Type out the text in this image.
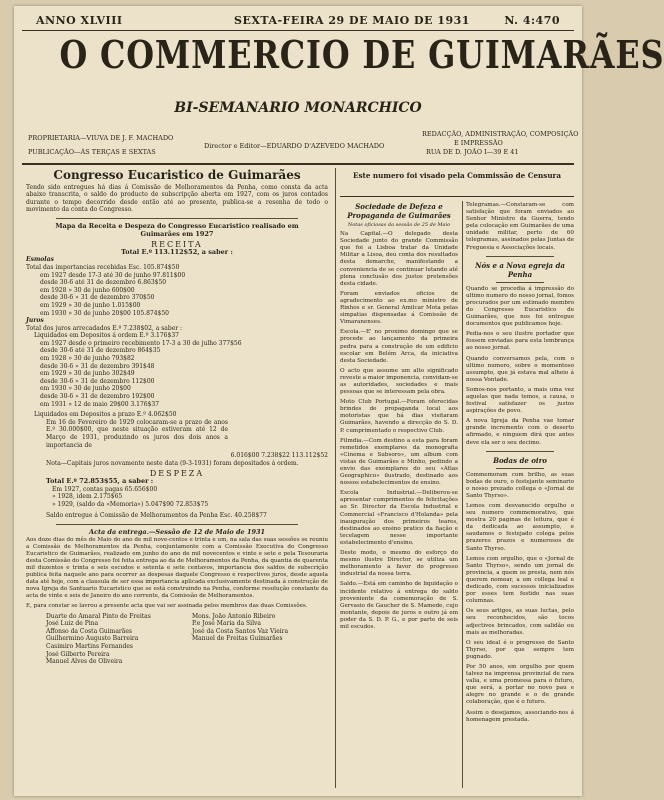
ANNO XLVIII	SEXTA-FEIRA 29 DE MAIO DE 1931	N. 4:470
O COMMERCIO DE GUIMARÃES
BI-SEMANARIO MONARCHICO
PROPRIETARIA—VIUVA DE J. F. MACHADO
PUBLICAÇÃO—ÁS TERÇAS E SEXTAS
Director e Editor—EDUARDO D'AZEVEDO MACHADO
REDACÇÃO, ADMINISTRAÇÃO, COMPOSIÇÃO
E IMPRESSÃO
RUA DE D. JOÃO I—39 E 41
Congresso Eucaristico de Guimarães

Tendo sido entregues há dias á Comissão de Melhoramentos da Penha, como consta da acta abaixo transcrita, o saldo do producto de subscripção aberta em 1927, com os juros contados durante o tempo decorrido desde então até ao presente, publica-se a resenha de todo o movimento da conta do Congresso.

Mapa da Receita e Despeza do Congresso Eucaristico realisado em Guimarães em 1927

RECEITA
Total E.º 113.112$52, a saber :
Esmolas
Total das importancias recebidas Esc. 105.874$50
em 1927 desde 17-3 até 30 de junho 97.811$00
desde 30-6 até 31 de dezembro 6.863$50
em 1928 » 30 de junho 600$00
desde 30-6 » 31 de dezembro 370$50
em 1929 » 30 de junho 1.015$00
em 1930 » 30 de junho 20$00 105.874$50
Juros
Total dos juros arrecadados E.º 7.238$02, a saber :
Liquidados em Depositos á ordem E.º 3.176$37
em 1927 desde o primeiro recebimento 17-3 a 30 de julho 377$56
desde 30-6 até 31 de dezembro 864$35
em 1928 » 30 de junho 793$82
desde 30-6 » 31 de dezembro 391$48
em 1929 » 30 de junho 302$49
desde 30-6 » 31 de dezembro 112$00
em 1930 » 30 de junho 20$00
desde 30-6 » 31 de dezembro 192$00
em 1931 » 12 de maio 29$00 3.176$37
Liquidados em Depositos a prazo E.º 4.062$50

Em 16 de Fevereiro de 1929 colocaram-se a prazo de anos E.º 30.000$00, que neste situação estiveram até 12 de Março de 1931, produzindo os juros dos dois anos a importancia de

6.016$00 7.238$22 113.112$52

Nota—Capitais juros novamente neste data (9-3-1931) foram depositados á ordem.

DESPEZA
Total E.º 72.853$55, a saber :
Em 1927, contas pagas 65.656$00
» 1928, idem 2.175$65
» 1929, (saldo da «Memoria») 5.047$90 72.853$75
Saldo entregue á Comissão de Melhoramentos da Penha Esc. 40.258$77
Acta da entrega.—Sessão de 12 de Maio de 1931

Aos doze dias do mês de Maio do ano de mil nove-centos e trinta e um, na sala das suas sessões se reuniu a Comissão de Melhoramentos da Penha, conjuntamente com a Comissão Executiva do Congresso Eucaristico de Guimarães, realizado em junho do ano de mil novecentos e vinte e sete e pela Tesouraria desta Comissão do Congresso foi feita entrega ao da de Melhoramentos da Penha, da quantia de quarenta mil duzentos e trinta e seis escudos e setenta e sete centavos, importancia dos saldos de subscrição publica feita naquele ano para ocorrer as despesas daquele Congresso e respectivos juros, desde aquela data até hoje, com a clausula de ser essa importancia aplicada exclusivamente destinada á construção de nova Igreja do Santuario Eucaristico que se está construindo na Penha, conforme resolução constante da acta de vinte e seis de Janeiro do ano corrente, da Comissão de Melhoramentos.

E, para constar se lavrou a presente acta que vai ser assinada pelos membros das duas Comissões.

Duarte do Amaral Pinto de Freitas	Mons. João Antonio Ribeiro
José Luiz de Pina	P.e José Maria da Silva
Affonso da Costa Guimarães	José da Costa Santos Vaz Vieira
Guilhermino Augusto Barreira	Manuel de Freitas Guimarães
Casimiro Martins Fernandes
José Gilberto Pereira
Manuel Alves de Oliveira
Este numero foi visado pela Commissão de Censura
Sociedade de Defeza e Propaganda de Guimarães
Notas oficiosas da sessão de 25 de Maio

Na Capital.—O delegado desta Sociedade junto do grande Commissão que foi a Lisboa tratar da Unidade Militar a Lisoa, deu conta dos resultados desta demarche, manifestando a conveniencia de se continuar lutando até plena conclusão dos justos pretensões desta cidade.

Foram enviados oficios de agradecimento ao ex.mo ministro de Rinhos e sr. General Amilcar Mota pelas simpatias dispensadas á Comissão de Vimaranenses.

Escola.—E' no proximo domingo que se procede ao lançamento da primeira pedra para a construção de um edificio escolar em Belém Arca, da iniciativa desta Sociedade.

O acto que assume um alto significado reveste a maior imponencia, convidam-se as autoridades, sociedades e mais pessoas que se interessam pela obra.

Moto Club Portugal.—Foram oferecidas brindes de propaganda local aos motoristas que há dias visitaram Guimarães, havendo a direcção do S. D. P. cumprimentado o respectivo Club.

Filmdia.—Com destino a esta para foram remetidos exemplares da monografia «Cinema e Subsoro», um album com vistas de Guimarães e Minho, pedindo a envio das exemplares do seu «Atlas Geographico» ilustrado, destinado aos nossos estabelecimentos de ensino.

Escola Industrial.—Deliberou-se apresentar cumprimentos de felicitações ao Sr. Director da Escola Industrial e Commercial «Francisco d'Holanda» pela inauguração dos primeiros teares, destinados ao ensino pratico da fiação e tecelagem nesse importante estabelecimento d'ensino.

Deste modo, o mesmo do esforço do mesmo ilustre Director, se utiliza um melhoramento a favor do progresso industrial da nossa terra.

Saldo.—Está em caminho de liquidação o incidente relativo á entrega do saldo proveniente da comemoração de S. Gervasio de Gaucher de S. Mamede, cujo montante, depois de juros e outro já em poder da S. D. P. G., e por parte de seis mil escudos.

Telegramas.—Constaram-se com satisfação que foram enviados ao Senhor Ministro da Guerra, tendo pela colocação em Guimarães de uma unidade militar, perto de 60 telegramas, assinados pelas Juntas de Freguesia e Associações locais.

Nós e a Nova egreja da Penha

Quando se procedia á impressão do ultimo numero do nosso jornal, fomos procurados por um estimado membro do Congresso Eucaristico de Guimarães, que nos foi entregue documentos que publicamos hoje.

Pedia-nos o seu ilustre portador que fossem enviadas para esta lembrança ao nosso jornal.

Quando conversamos pela, com o ultimo numero, sobre o momentoso assumpto, que já estava mal alheio á nossa Vontade.

Somos-nos portanto, a mais uma vez aquelas que nada temos, a causa, o festival satisfazer os justos aspirações de povo.

A nova Igreja da Penha vae tomar grande incremento com o deserto afirmado, e ninguem dirá que antes deve ela ser o seu decimo.

Bodas de oiro

Commemoram com brilho, as suas bodas de ouro, o festejante seminario o nosso prezado collega o «Jornal de Santo Thyrso».

Lemos com desvanecido orgulho o seu numero commemorativo, que mostra 20 paginas de leitura, que é da dedicada ao assumpto, e saudamos o festejado colega pelos prazeres prazos e numerosos de Santo Thyrso.

Lemos com orgulho, que o «Jornal de Santo Thyrso», sendo um jornal de provincia, a quem os presta, nem nós querem nomear, a um collega leal e dedicado, com sucessos inicializados por esses tem festido nas suas columnas.

Os seus artigos, as suas luctas, pelo seu reconhecidos, são tocos adjectivos brincados, com salidão ou mais as melhoradas.

O seu ideal é o progresso de Santo Thyrso, por que sempre tem pugnado.

Por 50 anos, em orgulho por quem talvez na imprensa provincial de rara valia, e uma promessa para o futuro, que será, a portar no novo pau e alegre no grande e o de grande colaboração, que é o futuro.

Assim o desejamos, associando-nos á homenagem prestada.
